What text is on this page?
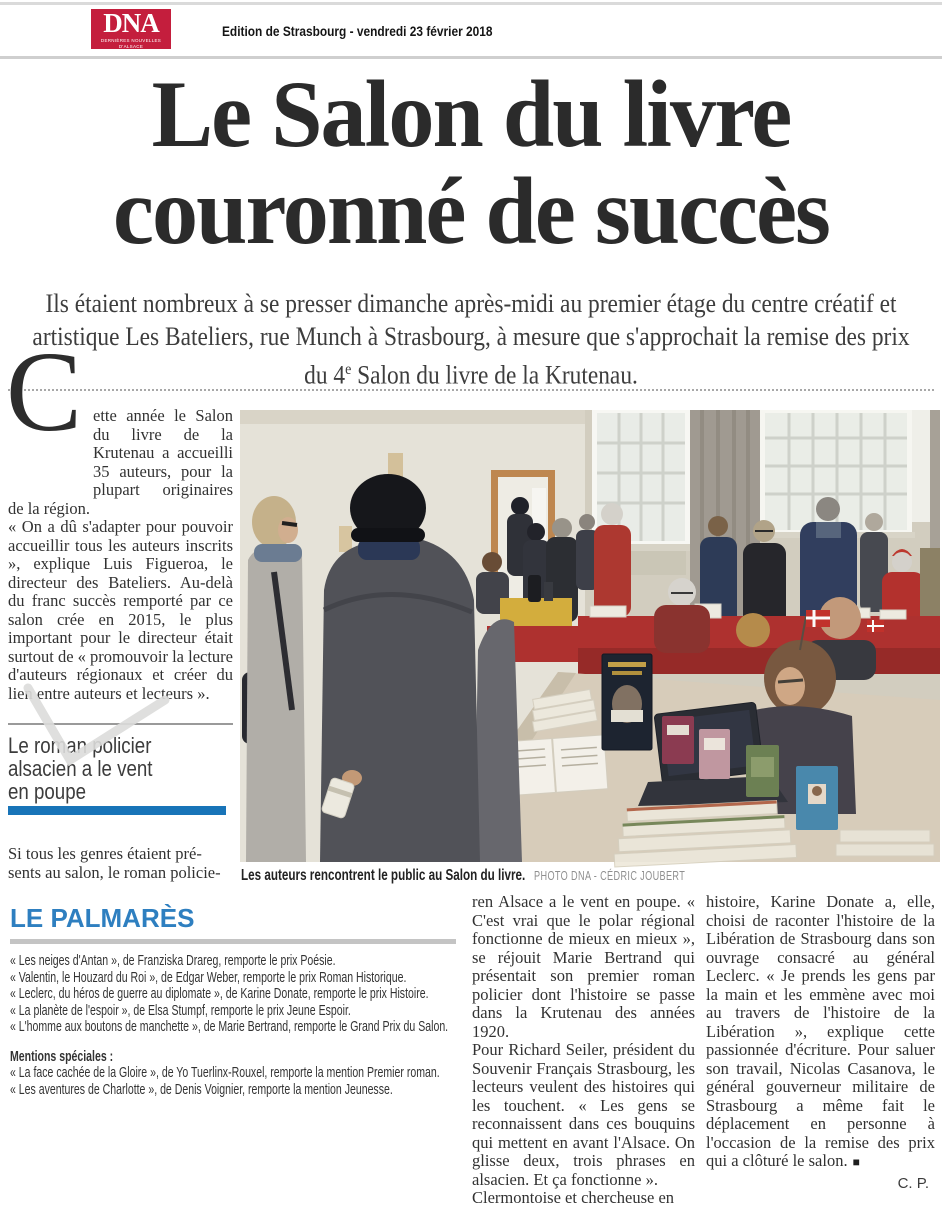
DNA
DERNIÈRES NOUVELLES D'ALSACE
Edition de Strasbourg - vendredi 23 février 2018
Le Salon du livre
couronné de succès
Ils étaient nombreux à se presser dimanche après-midi au premier étage du centre créatif et artistique Les Bateliers, rue Munch à Strasbourg, à mesure que s'approchait la remise des prix du 4e Salon du livre de la Krutenau.

C ette année le Salon du livre de la Krutenau a accueilli 35 auteurs, pour la plupart originaires de la région.

« On a dû s'adapter pour pouvoir accueillir tous les auteurs inscrits », explique Luis Figueroa, le directeur des Bateliers. Au-delà du franc succès remporté par ce salon crée en 2015, le plus important pour le directeur était surtout de « promouvoir la lecture d'auteurs régionaux et créer du lien entre auteurs et lecteurs ».

Le roman policier
alsacien a le vent
en poupe

Si tous les genres étaient pré-
sents au salon, le roman policie-	Les auteurs rencontrent le public au Salon du livre. PHOTO DNA - CÉDRIC JOUBERT
LE PALMARÈS

« Les neiges d'Antan », de Franziska Drareg, remporte le prix Poésie.

« Valentin, le Houzard du Roi », de Edgar Weber, remporte le prix Roman Historique.

« Leclerc, du héros de guerre au diplomate », de Karine Donate, remporte le prix Histoire.

« La planète de l'espoir », de Elsa Stumpf, remporte le prix Jeune Espoir.

« L'homme aux boutons de manchette », de Marie Bertrand, remporte le Grand Prix du Salon.

Mentions spéciales :

« La face cachée de la Gloire », de Yo Tuerlinx-Rouxel, remporte la mention Premier roman.

« Les aventures de Charlotte », de Denis Voignier, remporte la mention Jeunesse.

ren Alsace a le vent en poupe. « C'est vrai que le polar régional fonctionne de mieux en mieux », se réjouit Marie Bertrand qui présentait son premier roman policier dont l'histoire se passe dans la Krutenau des années 1920.

Pour Richard Seiler, président du Souvenir Français Strasbourg, les lecteurs veulent des histoires qui les touchent. « Les gens se reconnaissent dans ces bouquins qui mettent en avant l'Alsace. On glisse deux, trois phrases en alsacien. Et ça fonctionne ».

Clermontoise et chercheuse en

histoire, Karine Donate a, elle, choisi de raconter l'histoire de la Libération de Strasbourg dans son ouvrage consacré au général Leclerc. « Je prends les gens par la main et les emmène avec moi au travers de l'histoire de la Libération », explique cette passionnée d'écriture. Pour saluer son travail, Nicolas Casanova, le général gouverneur militaire de Strasbourg a même fait le déplacement en personne à l'occasion de la remise des prix qui a clôturé le salon. ■

C. P.
